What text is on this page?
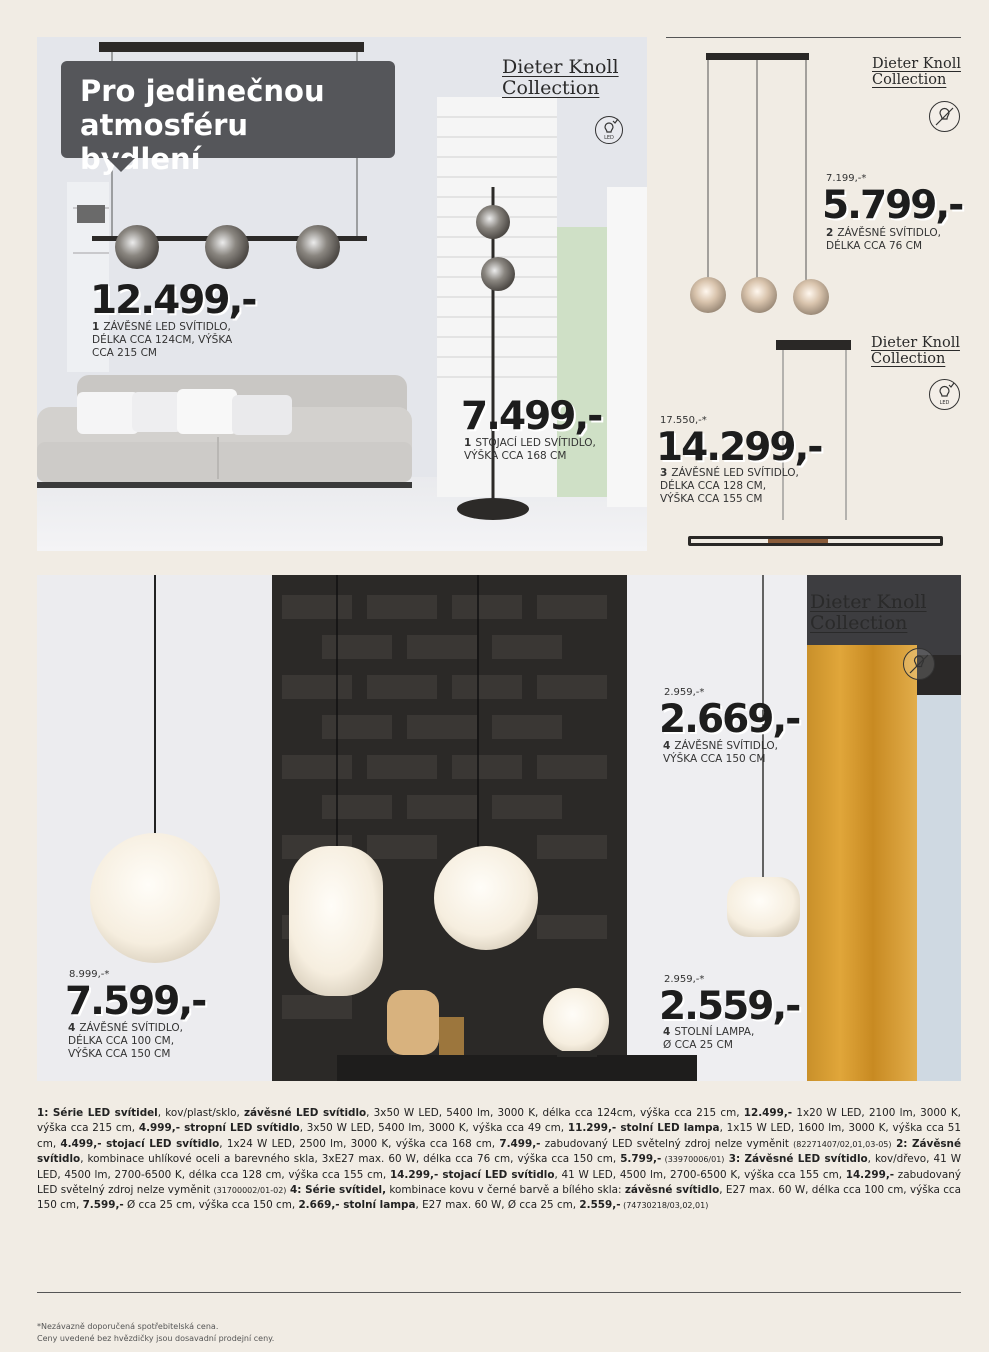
Dieter Knoll
Collection
LED
12.499,-
1 ZÁVĚSNÉ LED SVÍTIDLO,
DÉLKA CCA 124CM, VÝŠKA
CCA 215 CM
7.499,-
1 STOJACÍ LED SVÍTIDLO,
VÝŠKA CCA 168 CM
Pro jedinečnou
atmosféru bydlení
Dieter Knoll
Collection
7.199,-*
5.799,-
2 ZÁVĚSNÉ SVÍTIDLO,
DÉLKA CCA 76 CM
Dieter Knoll
Collection
LED
17.550,-*
14.299,-
3 ZÁVĚSNÉ LED SVÍTIDLO,
DÉLKA CCA 128 CM,
VÝŠKA CCA 155 CM
Dieter Knoll
Collection
2.959,-*
2.669,-
4 ZÁVĚSNÉ SVÍTIDLO,
VÝŠKA CCA 150 CM
8.999,-*
7.599,-
4 ZÁVĚSNÉ SVÍTIDLO,
DÉLKA CCA 100 CM,
VÝŠKA CCA 150 CM
2.959,-*
2.559,-
4 STOLNÍ LAMPA,
Ø CCA 25 CM
1: Série LED svítidel, kov/plast/sklo, závěsné LED svítidlo, 3x50 W LED, 5400 lm, 3000 K, délka cca 124cm, výška cca 215 cm, 12.499,- 1x20 W LED, 2100 lm, 3000 K, výška cca 215 cm, 4.999,- stropní LED svítidlo, 3x50 W LED, 5400 lm, 3000 K, výška cca 49 cm, 11.299,- stolní LED lampa, 1x15 W LED, 1600 lm, 3000 K, výška cca 51 cm, 4.499,- stojací LED svítidlo, 1x24 W LED, 2500 lm, 3000 K, výška cca 168 cm, 7.499,- zabudovaný LED světelný zdroj nelze vyměnit (82271407/02,01,03-05) 2: Závěsné svítidlo, kombinace uhlíkové oceli a barevného skla, 3xE27 max. 60 W, délka cca 76 cm, výška cca 150 cm, 5.799,- (33970006/01) 3: Závěsné LED svítidlo, kov/dřevo, 41 W LED, 4500 lm, 2700-6500 K, délka cca 128 cm, výška cca 155 cm, 14.299,- stojací LED svítidlo, 41 W LED, 4500 lm, 2700-6500 K, výška cca 155 cm, 14.299,- zabudovaný LED světelný zdroj nelze vyměnit (31700002/01-02) 4: Série svítidel, kombinace kovu v černé barvě a bílého skla: závěsné svítidlo, E27 max. 60 W, délka cca 100 cm, výška cca 150 cm, 7.599,- Ø cca 25 cm, výška cca 150 cm, 2.669,- stolní lampa, E27 max. 60 W, Ø cca 25 cm, 2.559,- (74730218/03,02,01)
*Nezávazně doporučená spotřebitelská cena.
Ceny uvedené bez hvězdičky jsou dosavadní prodejní ceny.
